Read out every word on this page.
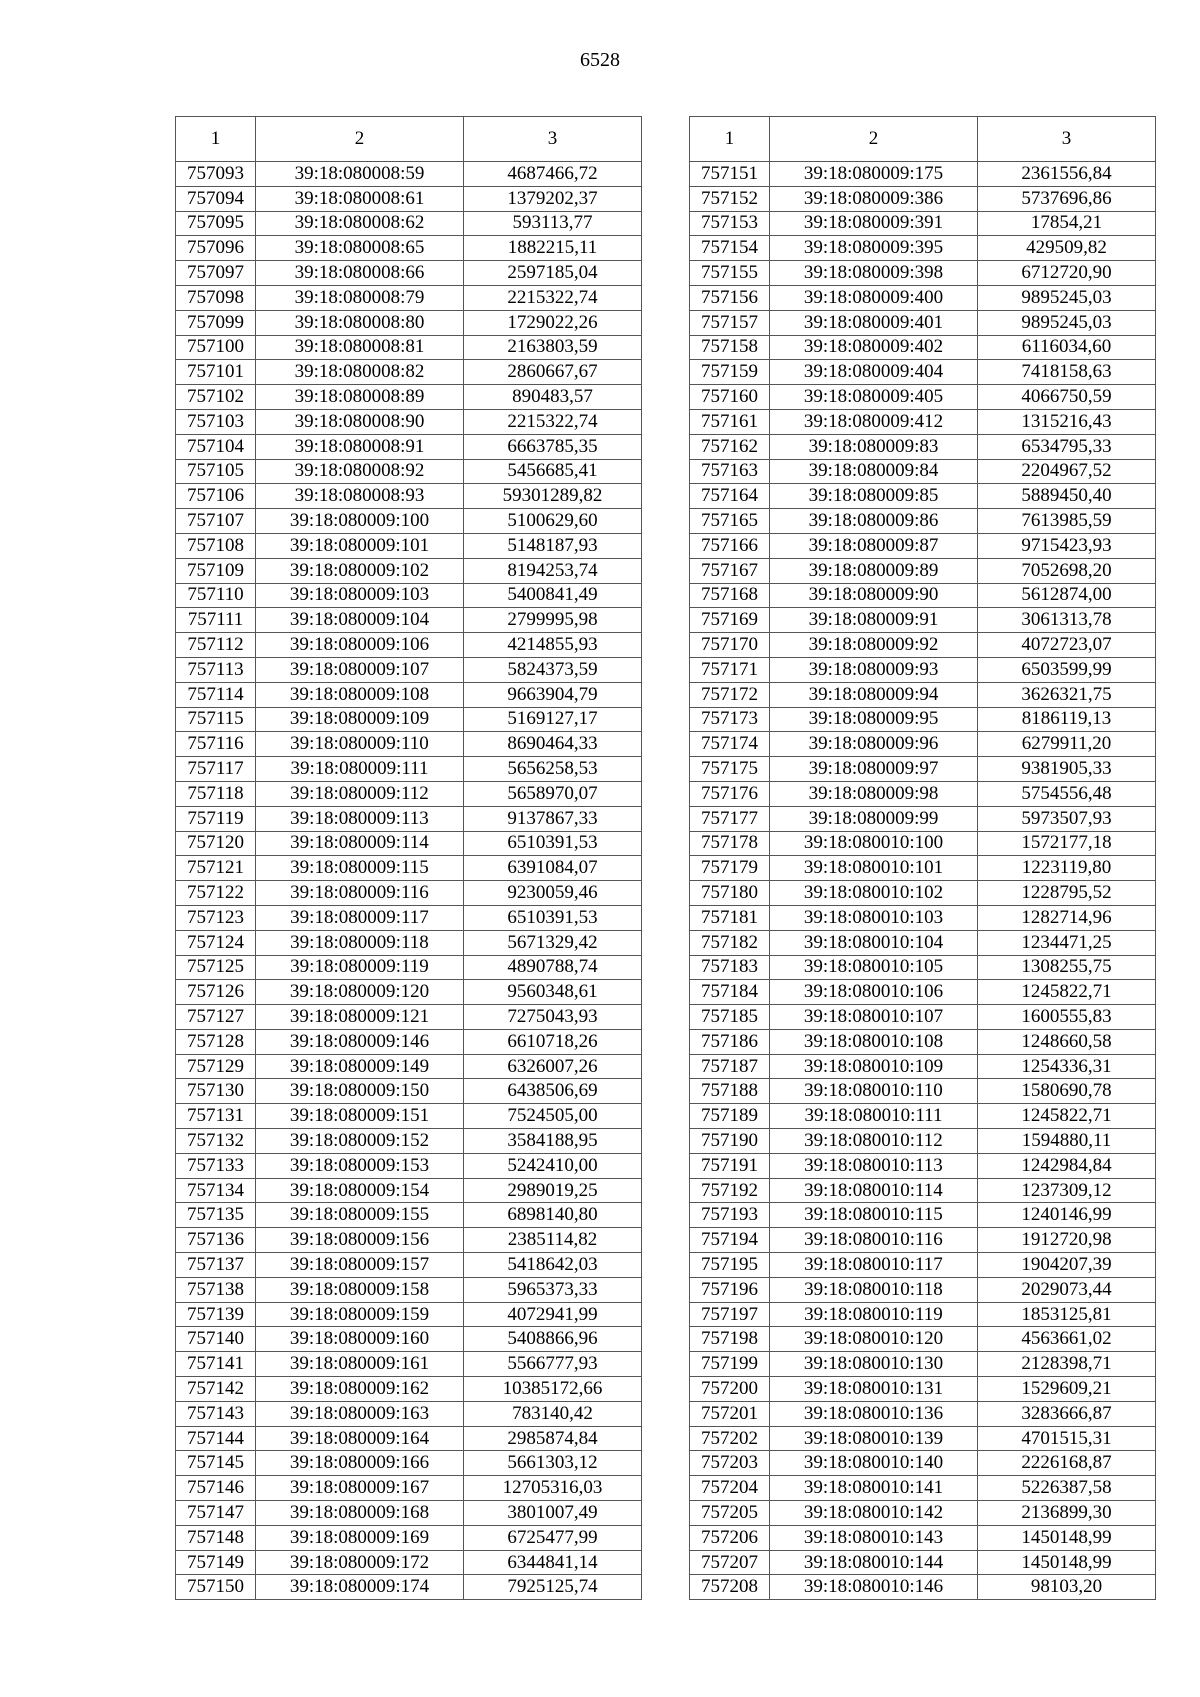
6528
1	2	3
757093	39:18:080008:59	4687466,72
757094	39:18:080008:61	1379202,37
757095	39:18:080008:62	593113,77
757096	39:18:080008:65	1882215,11
757097	39:18:080008:66	2597185,04
757098	39:18:080008:79	2215322,74
757099	39:18:080008:80	1729022,26
757100	39:18:080008:81	2163803,59
757101	39:18:080008:82	2860667,67
757102	39:18:080008:89	890483,57
757103	39:18:080008:90	2215322,74
757104	39:18:080008:91	6663785,35
757105	39:18:080008:92	5456685,41
757106	39:18:080008:93	59301289,82
757107	39:18:080009:100	5100629,60
757108	39:18:080009:101	5148187,93
757109	39:18:080009:102	8194253,74
757110	39:18:080009:103	5400841,49
757111	39:18:080009:104	2799995,98
757112	39:18:080009:106	4214855,93
757113	39:18:080009:107	5824373,59
757114	39:18:080009:108	9663904,79
757115	39:18:080009:109	5169127,17
757116	39:18:080009:110	8690464,33
757117	39:18:080009:111	5656258,53
757118	39:18:080009:112	5658970,07
757119	39:18:080009:113	9137867,33
757120	39:18:080009:114	6510391,53
757121	39:18:080009:115	6391084,07
757122	39:18:080009:116	9230059,46
757123	39:18:080009:117	6510391,53
757124	39:18:080009:118	5671329,42
757125	39:18:080009:119	4890788,74
757126	39:18:080009:120	9560348,61
757127	39:18:080009:121	7275043,93
757128	39:18:080009:146	6610718,26
757129	39:18:080009:149	6326007,26
757130	39:18:080009:150	6438506,69
757131	39:18:080009:151	7524505,00
757132	39:18:080009:152	3584188,95
757133	39:18:080009:153	5242410,00
757134	39:18:080009:154	2989019,25
757135	39:18:080009:155	6898140,80
757136	39:18:080009:156	2385114,82
757137	39:18:080009:157	5418642,03
757138	39:18:080009:158	5965373,33
757139	39:18:080009:159	4072941,99
757140	39:18:080009:160	5408866,96
757141	39:18:080009:161	5566777,93
757142	39:18:080009:162	10385172,66
757143	39:18:080009:163	783140,42
757144	39:18:080009:164	2985874,84
757145	39:18:080009:166	5661303,12
757146	39:18:080009:167	12705316,03
757147	39:18:080009:168	3801007,49
757148	39:18:080009:169	6725477,99
757149	39:18:080009:172	6344841,14
757150	39:18:080009:174	7925125,74
1	2	3
757151	39:18:080009:175	2361556,84
757152	39:18:080009:386	5737696,86
757153	39:18:080009:391	17854,21
757154	39:18:080009:395	429509,82
757155	39:18:080009:398	6712720,90
757156	39:18:080009:400	9895245,03
757157	39:18:080009:401	9895245,03
757158	39:18:080009:402	6116034,60
757159	39:18:080009:404	7418158,63
757160	39:18:080009:405	4066750,59
757161	39:18:080009:412	1315216,43
757162	39:18:080009:83	6534795,33
757163	39:18:080009:84	2204967,52
757164	39:18:080009:85	5889450,40
757165	39:18:080009:86	7613985,59
757166	39:18:080009:87	9715423,93
757167	39:18:080009:89	7052698,20
757168	39:18:080009:90	5612874,00
757169	39:18:080009:91	3061313,78
757170	39:18:080009:92	4072723,07
757171	39:18:080009:93	6503599,99
757172	39:18:080009:94	3626321,75
757173	39:18:080009:95	8186119,13
757174	39:18:080009:96	6279911,20
757175	39:18:080009:97	9381905,33
757176	39:18:080009:98	5754556,48
757177	39:18:080009:99	5973507,93
757178	39:18:080010:100	1572177,18
757179	39:18:080010:101	1223119,80
757180	39:18:080010:102	1228795,52
757181	39:18:080010:103	1282714,96
757182	39:18:080010:104	1234471,25
757183	39:18:080010:105	1308255,75
757184	39:18:080010:106	1245822,71
757185	39:18:080010:107	1600555,83
757186	39:18:080010:108	1248660,58
757187	39:18:080010:109	1254336,31
757188	39:18:080010:110	1580690,78
757189	39:18:080010:111	1245822,71
757190	39:18:080010:112	1594880,11
757191	39:18:080010:113	1242984,84
757192	39:18:080010:114	1237309,12
757193	39:18:080010:115	1240146,99
757194	39:18:080010:116	1912720,98
757195	39:18:080010:117	1904207,39
757196	39:18:080010:118	2029073,44
757197	39:18:080010:119	1853125,81
757198	39:18:080010:120	4563661,02
757199	39:18:080010:130	2128398,71
757200	39:18:080010:131	1529609,21
757201	39:18:080010:136	3283666,87
757202	39:18:080010:139	4701515,31
757203	39:18:080010:140	2226168,87
757204	39:18:080010:141	5226387,58
757205	39:18:080010:142	2136899,30
757206	39:18:080010:143	1450148,99
757207	39:18:080010:144	1450148,99
757208	39:18:080010:146	98103,20
